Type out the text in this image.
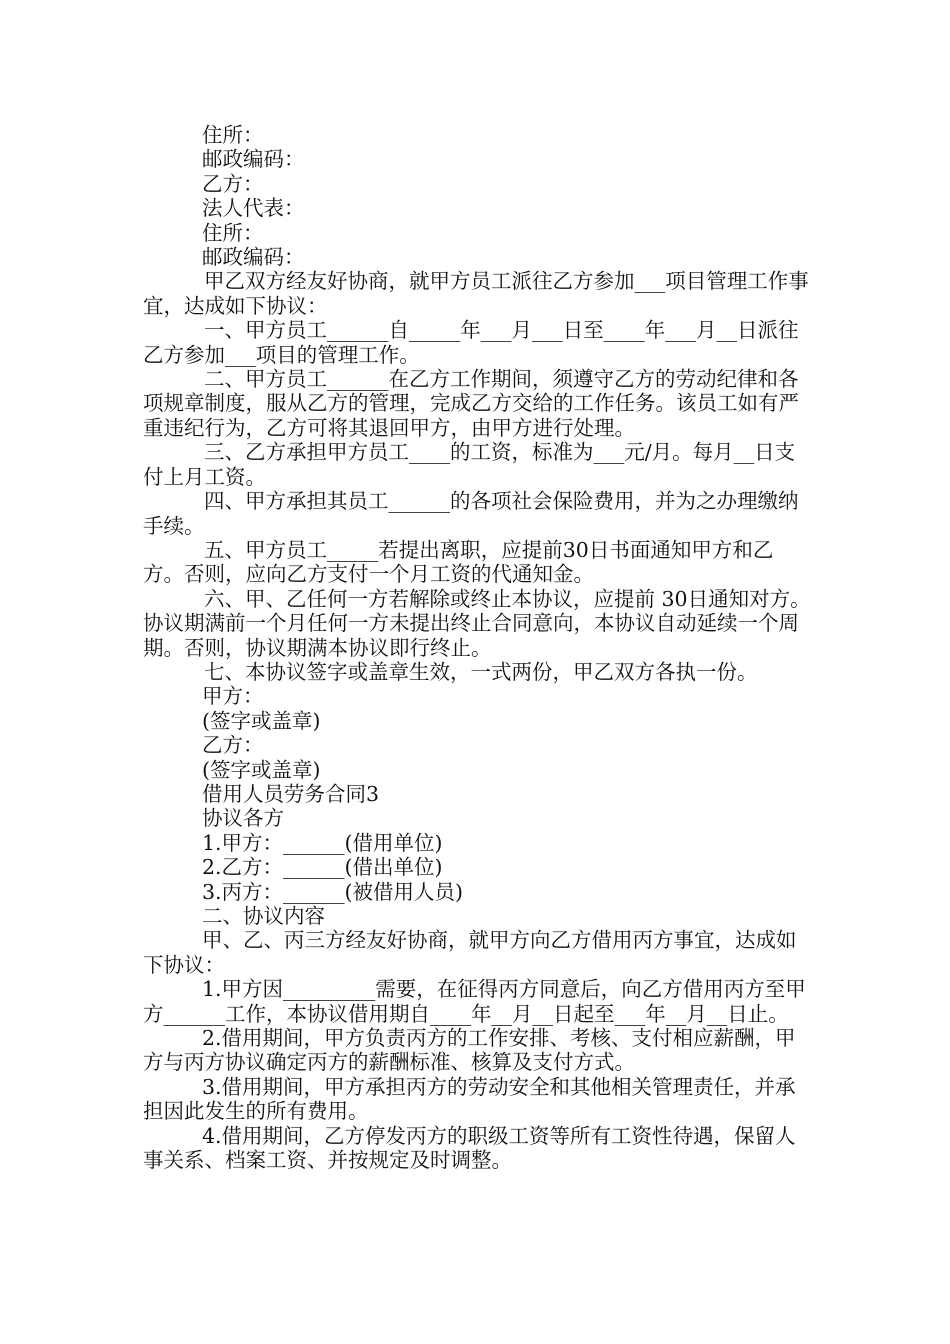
住所：

邮政编码：

乙方：

法人代表：

住所：

邮政编码：

甲乙双方经友好协商，就甲方员工派往乙方参加___项目管理工作事宜，达成如下协议：

一、甲方员工______自_____年___月___日至____年___月__日派往乙方参加___项目的管理工作。

二、甲方员工______在乙方工作期间，须遵守乙方的劳动纪律和各项规章制度，服从乙方的管理，完成乙方交给的工作任务。该员工如有严重违纪行为，乙方可将其退回甲方，由甲方进行处理。

三、乙方承担甲方员工____的工资，标准为___元/月。每月__日支付上月工资。

四、甲方承担其员工______的各项社会保险费用，并为之办理缴纳手续。

五、甲方员工_____若提出离职，应提前30日书面通知甲方和乙方。否则，应向乙方支付一个月工资的代通知金。

六、甲、乙任何一方若解除或终止本协议，应提前 30日通知对方。协议期满前一个月任何一方未提出终止合同意向，本协议自动延续一个周期。否则，协议期满本协议即行终止。

七、本协议签字或盖章生效，一式两份，甲乙双方各执一份。

甲方：

(签字或盖章)

乙方：

(签字或盖章)

借用人员劳务合同3

协议各方

1.甲方：______(借用单位)

2.乙方：______(借出单位)

3.丙方：______(被借用人员)

二、协议内容

甲、乙、丙三方经友好协商，就甲方向乙方借用丙方事宜，达成如下协议：

1.甲方因_________需要，在征得丙方同意后，向乙方借用丙方至甲方______工作，本协议借用期自____年__月__日起至___年__月__日止。

2.借用期间，甲方负责丙方的工作安排、考核、支付相应薪酬，甲方与丙方协议确定丙方的薪酬标准、核算及支付方式。

3.借用期间，甲方承担丙方的劳动安全和其他相关管理责任，并承担因此发生的所有费用。

4.借用期间，乙方停发丙方的职级工资等所有工资性待遇，保留人事关系、档案工资、并按规定及时调整。
